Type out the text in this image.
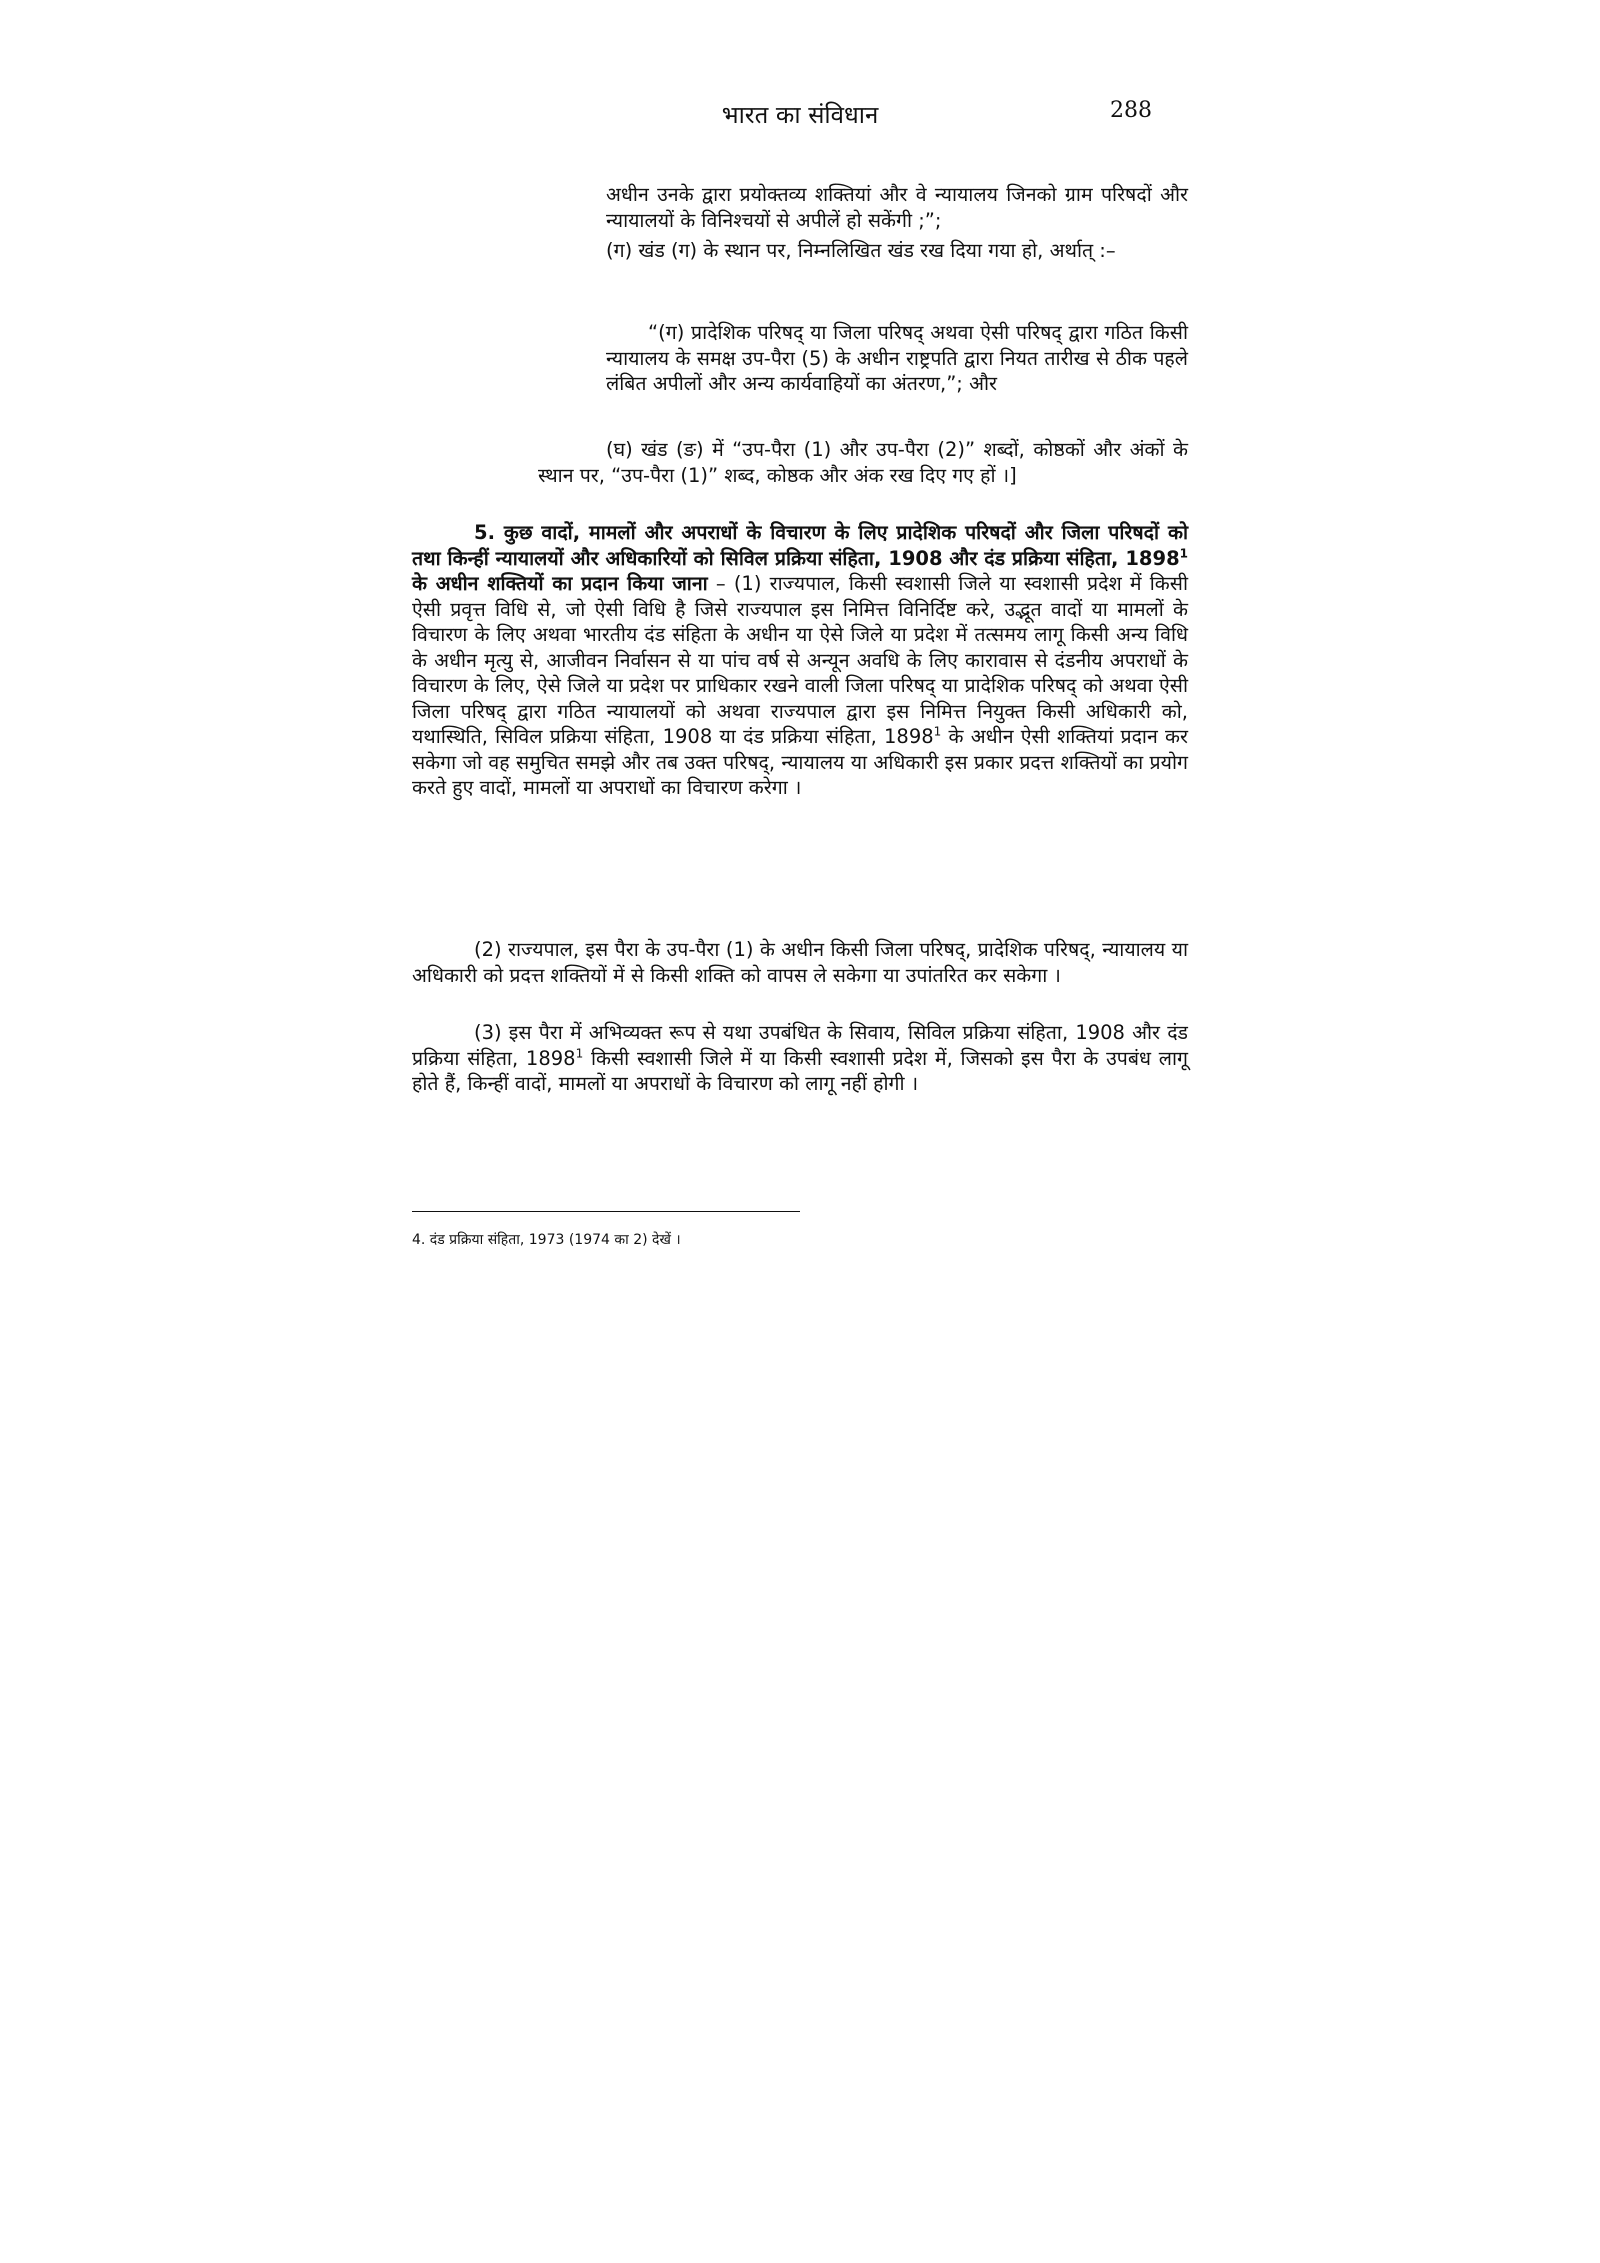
भारत का संविधान	288

अधीन उनके द्वारा प्रयोक्तव्य शक्तियां और वे न्यायालय जिनको ग्राम परिषदों और न्यायालयों के विनिश्चयों से अपीलें हो सकेंगी ;”;

(ग) खंड (ग) के स्थान पर, निम्नलिखित खंड रख दिया गया हो, अर्थात् :–

“(ग) प्रादेशिक परिषद् या जिला परिषद् अथवा ऐसी परिषद् द्वारा गठित किसी न्यायालय के समक्ष उप-पैरा (5) के अधीन राष्ट्रपति द्वारा नियत तारीख से ठीक पहले लंबित अपीलों और अन्य कार्यवाहियों का अंतरण,”; और

(घ) खंड (ङ) में “उप-पैरा (1) और उप-पैरा (2)” शब्दों, कोष्ठकों और अंकों के स्थान पर, “उप-पैरा (1)” शब्द, कोष्ठक और अंक रख दिए गए हों ।]

5. कुछ वादों, मामलों और अपराधों के विचारण के लिए प्रादेशिक परिषदों और जिला परिषदों को तथा किन्हीं न्यायालयों और अधिकारियों को सिविल प्रक्रिया संहिता, 1908 और दंड प्रक्रिया संहिता, 1898$^1$ के अधीन शक्तियों का प्रदान किया जाना – (1) राज्यपाल, किसी स्वशासी जिले या स्वशासी प्रदेश में किसी ऐसी प्रवृत्त विधि से, जो ऐसी विधि है जिसे राज्यपाल इस निमित्त विनिर्दिष्ट करे, उद्भूत वादों या मामलों के विचारण के लिए अथवा भारतीय दंड संहिता के अधीन या ऐसे जिले या प्रदेश में तत्समय लागू किसी अन्य विधि के अधीन मृत्यु से, आजीवन निर्वासन से या पांच वर्ष से अन्यून अवधि के लिए कारावास से दंडनीय अपराधों के विचारण के लिए, ऐसे जिले या प्रदेश पर प्राधिकार रखने वाली जिला परिषद् या प्रादेशिक परिषद् को अथवा ऐसी जिला परिषद् द्वारा गठित न्यायालयों को अथवा राज्यपाल द्वारा इस निमित्त नियुक्त किसी अधिकारी को, यथास्थिति, सिविल प्रक्रिया संहिता, 1908 या दंड प्रक्रिया संहिता, 1898$^1$ के अधीन ऐसी शक्तियां प्रदान कर सकेगा जो वह समुचित समझे और तब उक्त परिषद्, न्यायालय या अधिकारी इस प्रकार प्रदत्त शक्तियों का प्रयोग करते हुए वादों, मामलों या अपराधों का विचारण करेगा ।

(2) राज्यपाल, इस पैरा के उप-पैरा (1) के अधीन किसी जिला परिषद्, प्रादेशिक परिषद्, न्यायालय या अधिकारी को प्रदत्त शक्तियों में से किसी शक्ति को वापस ले सकेगा या उपांतरित कर सकेगा ।

(3) इस पैरा में अभिव्यक्त रूप से यथा उपबंधित के सिवाय, सिविल प्रक्रिया संहिता, 1908 और दंड प्रक्रिया संहिता, 1898$^1$ किसी स्वशासी जिले में या किसी स्वशासी प्रदेश में, जिसको इस पैरा के उपबंध लागू होते हैं, किन्हीं वादों, मामलों या अपराधों के विचारण को लागू नहीं होगी ।

4. दंड प्रक्रिया संहिता, 1973 (1974 का 2) देखें ।
